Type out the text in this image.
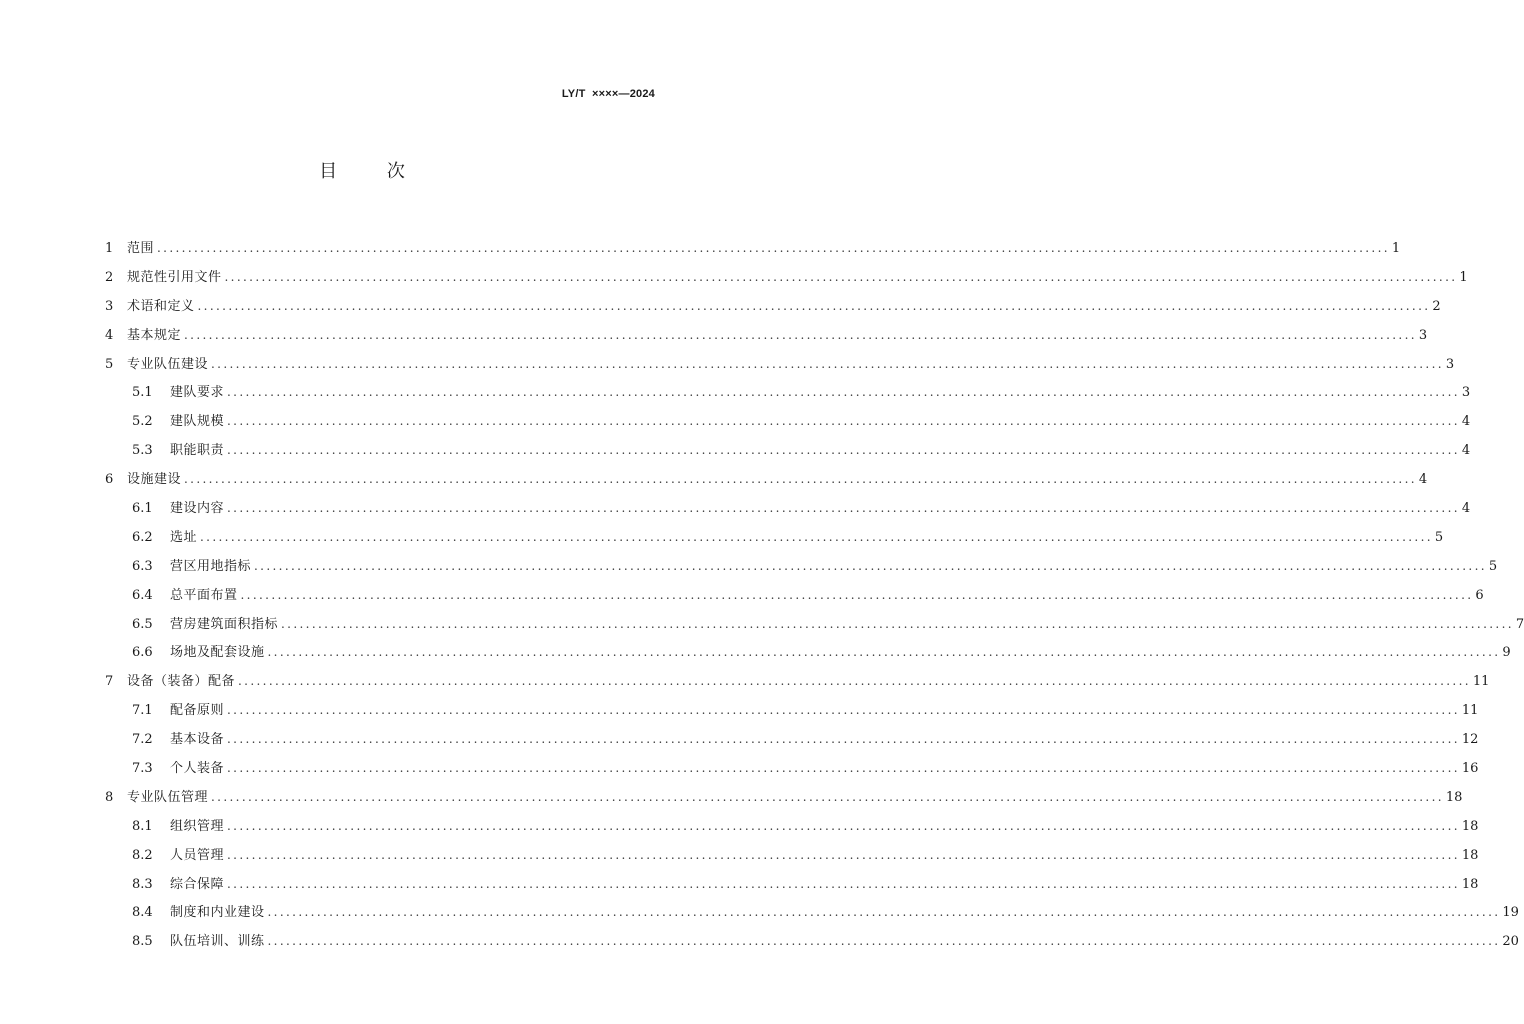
LY/T  ××××—2024
目 次
1	范围 ........................................................................................................................................................................................................ 1
2	规范性引用文件 ........................................................................................................................................................................................................ 1
3	术语和定义 ........................................................................................................................................................................................................ 2
4	基本规定 ........................................................................................................................................................................................................ 3
5	专业队伍建设 ........................................................................................................................................................................................................ 3
5.1	建队要求 ........................................................................................................................................................................................................ 3
5.2	建队规模 ........................................................................................................................................................................................................ 4
5.3	职能职责 ........................................................................................................................................................................................................ 4
6	设施建设 ........................................................................................................................................................................................................ 4
6.1	建设内容 ........................................................................................................................................................................................................ 4
6.2	选址 ........................................................................................................................................................................................................ 5
6.3	营区用地指标 ........................................................................................................................................................................................................ 5
6.4	总平面布置 ........................................................................................................................................................................................................ 6
6.5	营房建筑面积指标 ........................................................................................................................................................................................................ 7
6.6	场地及配套设施 ........................................................................................................................................................................................................ 9
7	设备（装备）配备 ........................................................................................................................................................................................................ 11
7.1	配备原则 ........................................................................................................................................................................................................ 11
7.2	基本设备 ........................................................................................................................................................................................................ 12
7.3	个人装备 ........................................................................................................................................................................................................ 16
8	专业队伍管理 ........................................................................................................................................................................................................ 18
8.1	组织管理 ........................................................................................................................................................................................................ 18
8.2	人员管理 ........................................................................................................................................................................................................ 18
8.3	综合保障 ........................................................................................................................................................................................................ 18
8.4	制度和内业建设 ........................................................................................................................................................................................................ 19
8.5	队伍培训、训练 ........................................................................................................................................................................................................ 20
